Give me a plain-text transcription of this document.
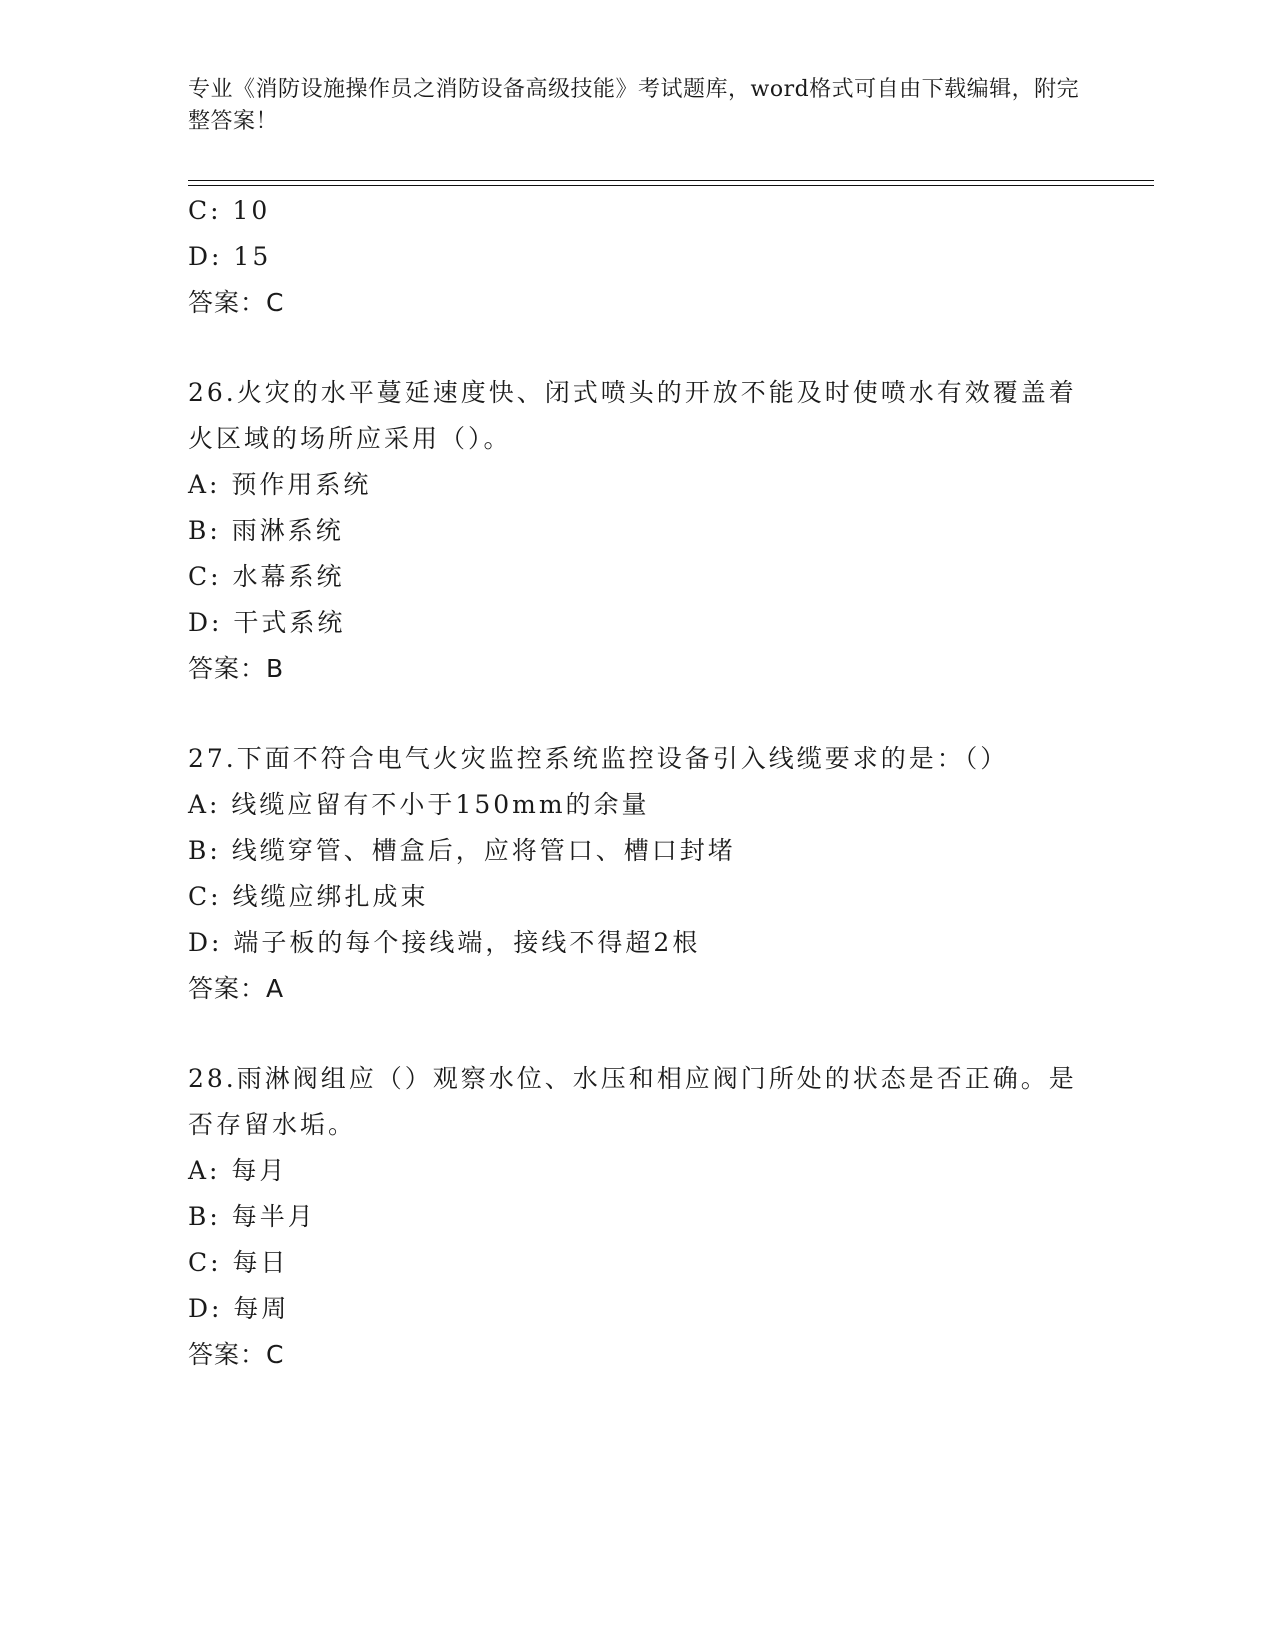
专业《消防设施操作员之消防设备高级技能》考试题库，word格式可自由下载编辑，附完整答案！
C: 10
D: 15
答案：C
26.火灾的水平蔓延速度快、闭式喷头的开放不能及时使喷水有效覆盖着火区域的场所应采用（）。
A: 预作用系统
B: 雨淋系统
C: 水幕系统
D: 干式系统
答案：B
27.下面不符合电气火灾监控系统监控设备引入线缆要求的是：（）
A: 线缆应留有不小于150mm的余量
B: 线缆穿管、槽盒后，应将管口、槽口封堵
C: 线缆应绑扎成束
D: 端子板的每个接线端，接线不得超2根
答案：A
28.雨淋阀组应（）观察水位、水压和相应阀门所处的状态是否正确。是否存留水垢。
A: 每月
B: 每半月
C: 每日
D: 每周
答案：C
